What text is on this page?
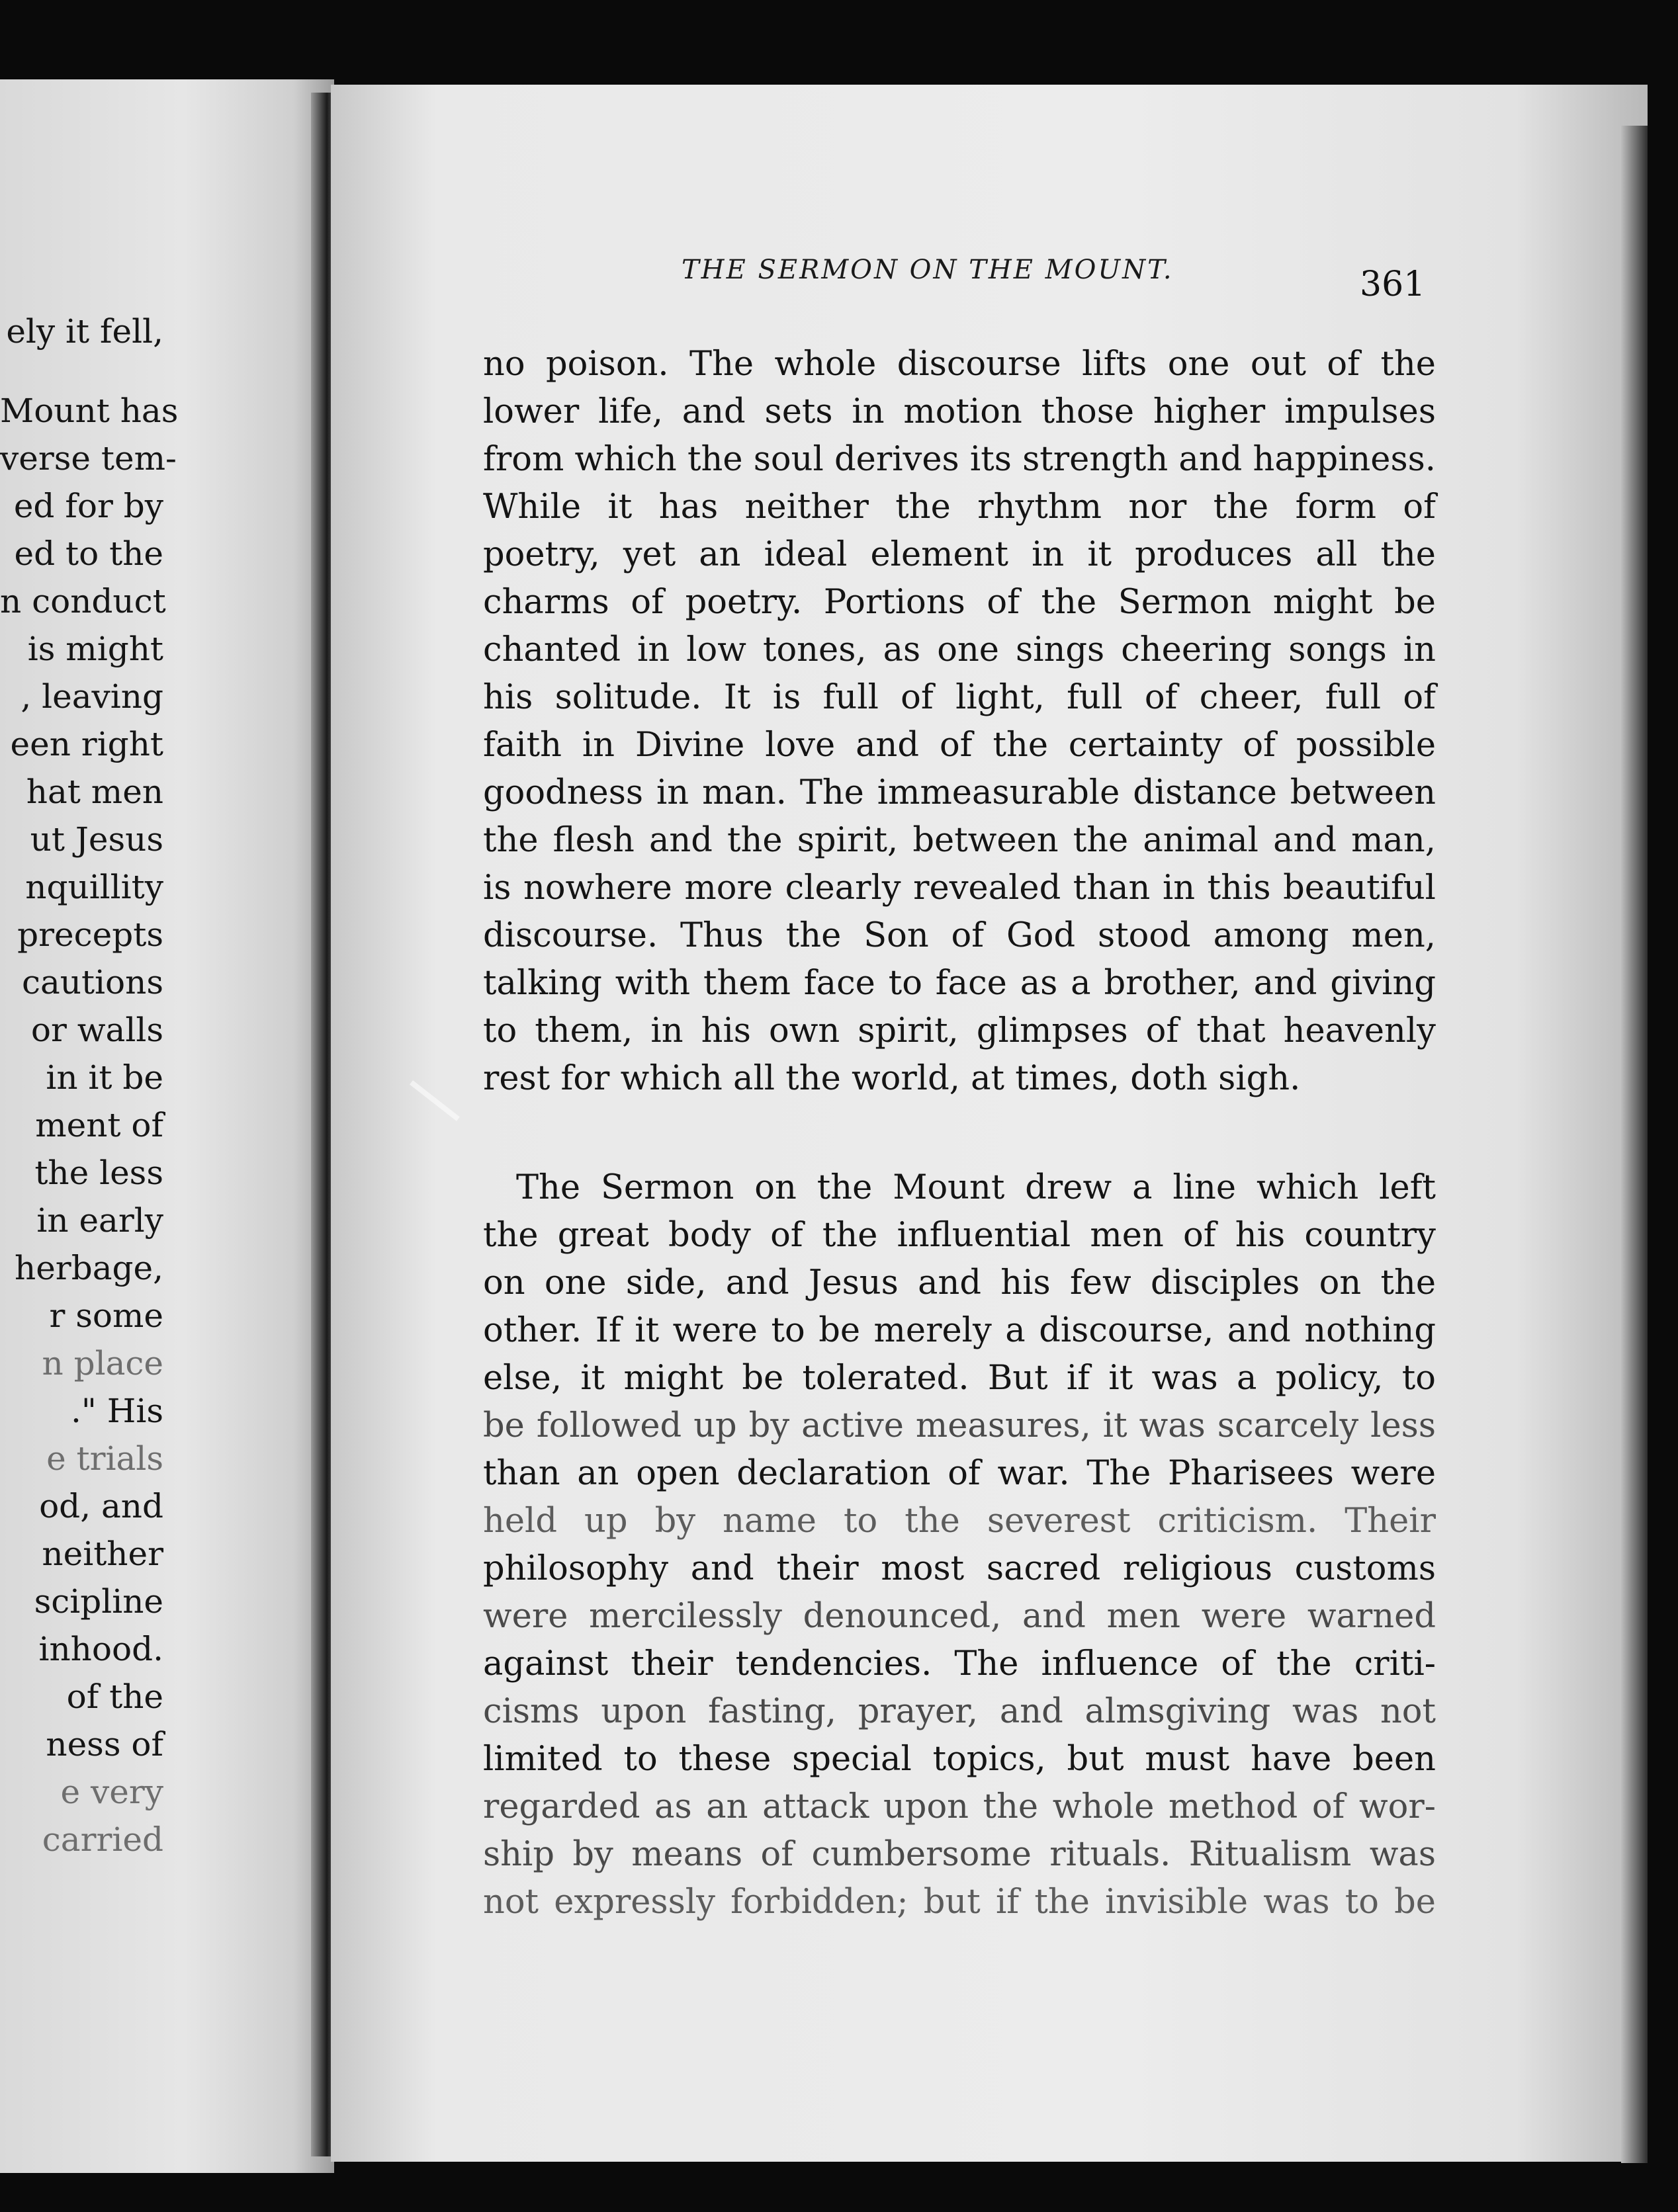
ely it fell,
Mount has
verse tem-
ed for by
ed to the
n conduct
is might
, leaving
een right
hat men
ut Jesus
nquillity
precepts
cautions
or walls
in it be
ment of
the less
in early
herbage,
r some
n place
." His
e trials
od, and
neither
scipline
inhood.
of the
ness of
e very
carried
THE SERMON ON THE MOUNT.	361
no poison. The whole discourse lifts one out of the
lower life, and sets in motion those higher impulses
from which the soul derives its strength and happiness.
While it has neither the rhythm nor the form of
poetry, yet an ideal element in it produces all the
charms of poetry. Portions of the Sermon might be
chanted in low tones, as one sings cheering songs in
his solitude. It is full of light, full of cheer, full of
faith in Divine love and of the certainty of possible
goodness in man. The immeasurable distance between
the flesh and the spirit, between the animal and man,
is nowhere more clearly revealed than in this beautiful
discourse. Thus the Son of God stood among men,
talking with them face to face as a brother, and giving
to them, in his own spirit, glimpses of that heavenly
rest for which all the world, at times, doth sigh.
The Sermon on the Mount drew a line which left
the great body of the influential men of his country
on one side, and Jesus and his few disciples on the
other. If it were to be merely a discourse, and nothing
else, it might be tolerated. But if it was a policy, to
be followed up by active measures, it was scarcely less
than an open declaration of war. The Pharisees were
held up by name to the severest criticism. Their
philosophy and their most sacred religious customs
were mercilessly denounced, and men were warned
against their tendencies. The influence of the criti-
cisms upon fasting, prayer, and almsgiving was not
limited to these special topics, but must have been
regarded as an attack upon the whole method of wor-
ship by means of cumbersome rituals. Ritualism was
not expressly forbidden; but if the invisible was to be
